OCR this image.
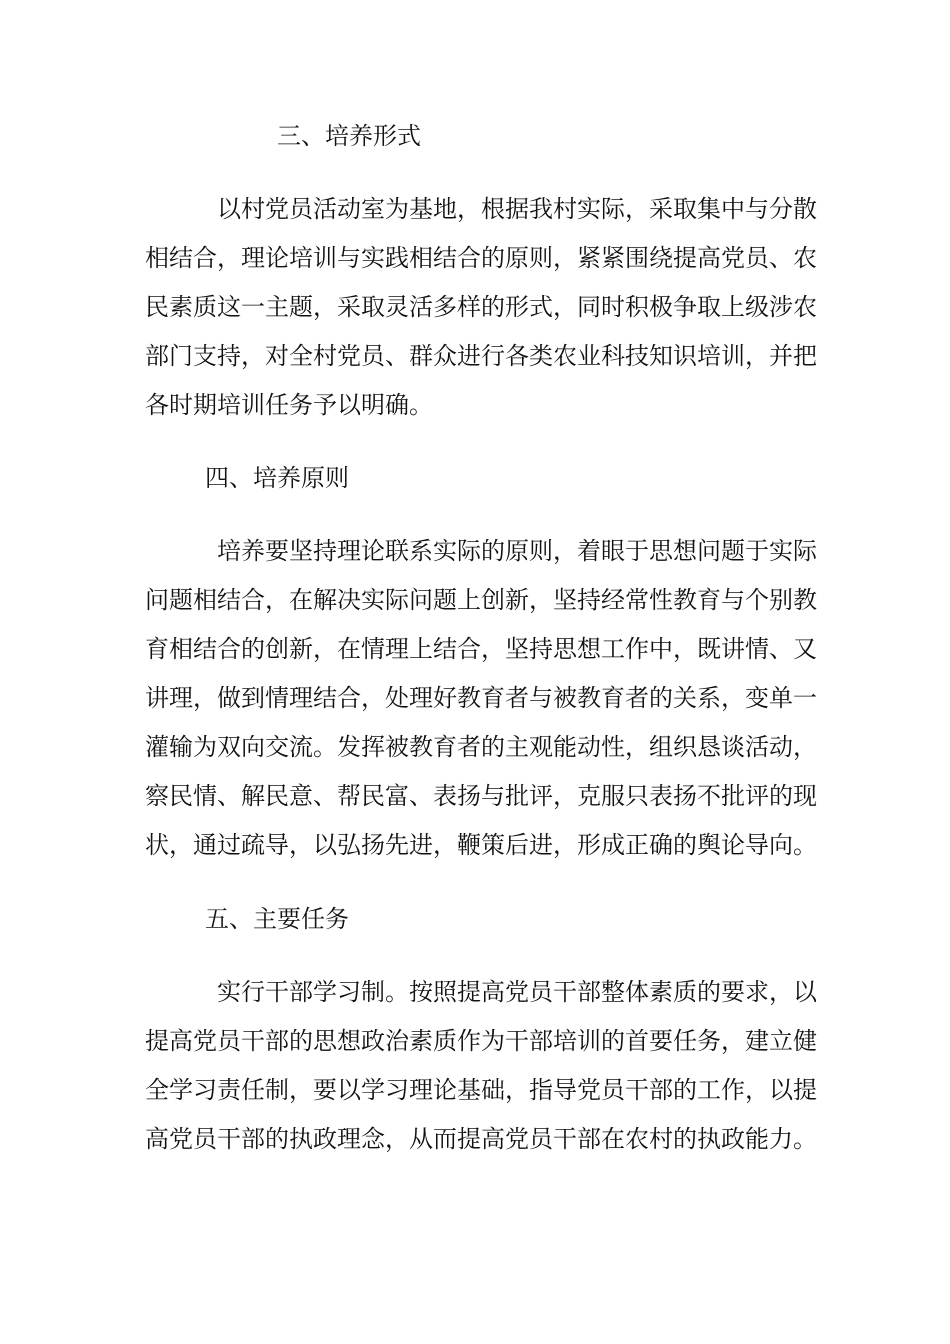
三、培养形式

以村党员活动室为基地，根据我村实际，采取集中与分散

相结合，理论培训与实践相结合的原则，紧紧围绕提高党员、农

民素质这一主题，采取灵活多样的形式，同时积极争取上级涉农

部门支持，对全村党员、群众进行各类农业科技知识培训，并把

各时期培训任务予以明确。

四、培养原则

培养要坚持理论联系实际的原则，着眼于思想问题于实际

问题相结合，在解决实际问题上创新，坚持经常性教育与个别教

育相结合的创新，在情理上结合，坚持思想工作中，既讲情、又

讲理，做到情理结合，处理好教育者与被教育者的关系，变单一

灌输为双向交流。发挥被教育者的主观能动性，组织恳谈活动，

察民情、解民意、帮民富、表扬与批评，克服只表扬不批评的现

状，通过疏导，以弘扬先进，鞭策后进，形成正确的舆论导向。

五、主要任务

实行干部学习制。按照提高党员干部整体素质的要求，以

提高党员干部的思想政治素质作为干部培训的首要任务，建立健

全学习责任制，要以学习理论基础，指导党员干部的工作，以提

高党员干部的执政理念，从而提高党员干部在农村的执政能力。
